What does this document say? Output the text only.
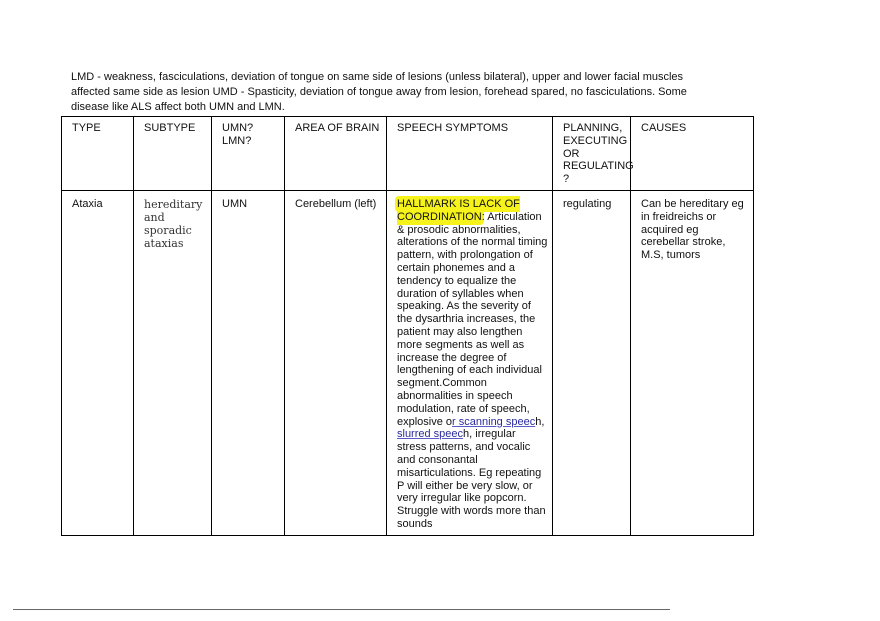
LMD - weakness, fasciculations, deviation of tongue on same side of lesions (unless bilateral), upper and lower facial muscles affected same side as lesion UMD - Spasticity, deviation of tongue away from lesion, forehead spared, no fasciculations. Some disease like ALS affect both UMN and LMN.

TYPE	SUBTYPE	UMN?LMN?	AREA OF BRAIN	SPEECH SYMPTOMS	PLANNING, EXECUTING OR REGULATING ?	CAUSES
Ataxia	hereditary and sporadic ataxias	UMN	Cerebellum (left)	HALLMARK IS LACK OF COORDINATION: Articulation & prosodic abnormalities, alterations of the normal timing pattern, with prolongation of certain phonemes and a tendency to equalize the duration of syllables when speaking. As the severity of the dysarthria increases, the patient may also lengthen more segments as well as increase the degree of lengthening of each individual segment.Common abnormalities in speech modulation, rate of speech, explosive or scanning speech, slurred speech, irregular stress patterns, and vocalic and consonantal misarticulations. Eg repeating P will either be very slow, or very irregular like popcorn.
Struggle with words more than sounds	regulating	Can be hereditary eg in freidreichs or acquired eg cerebellar stroke, M.S, tumors
